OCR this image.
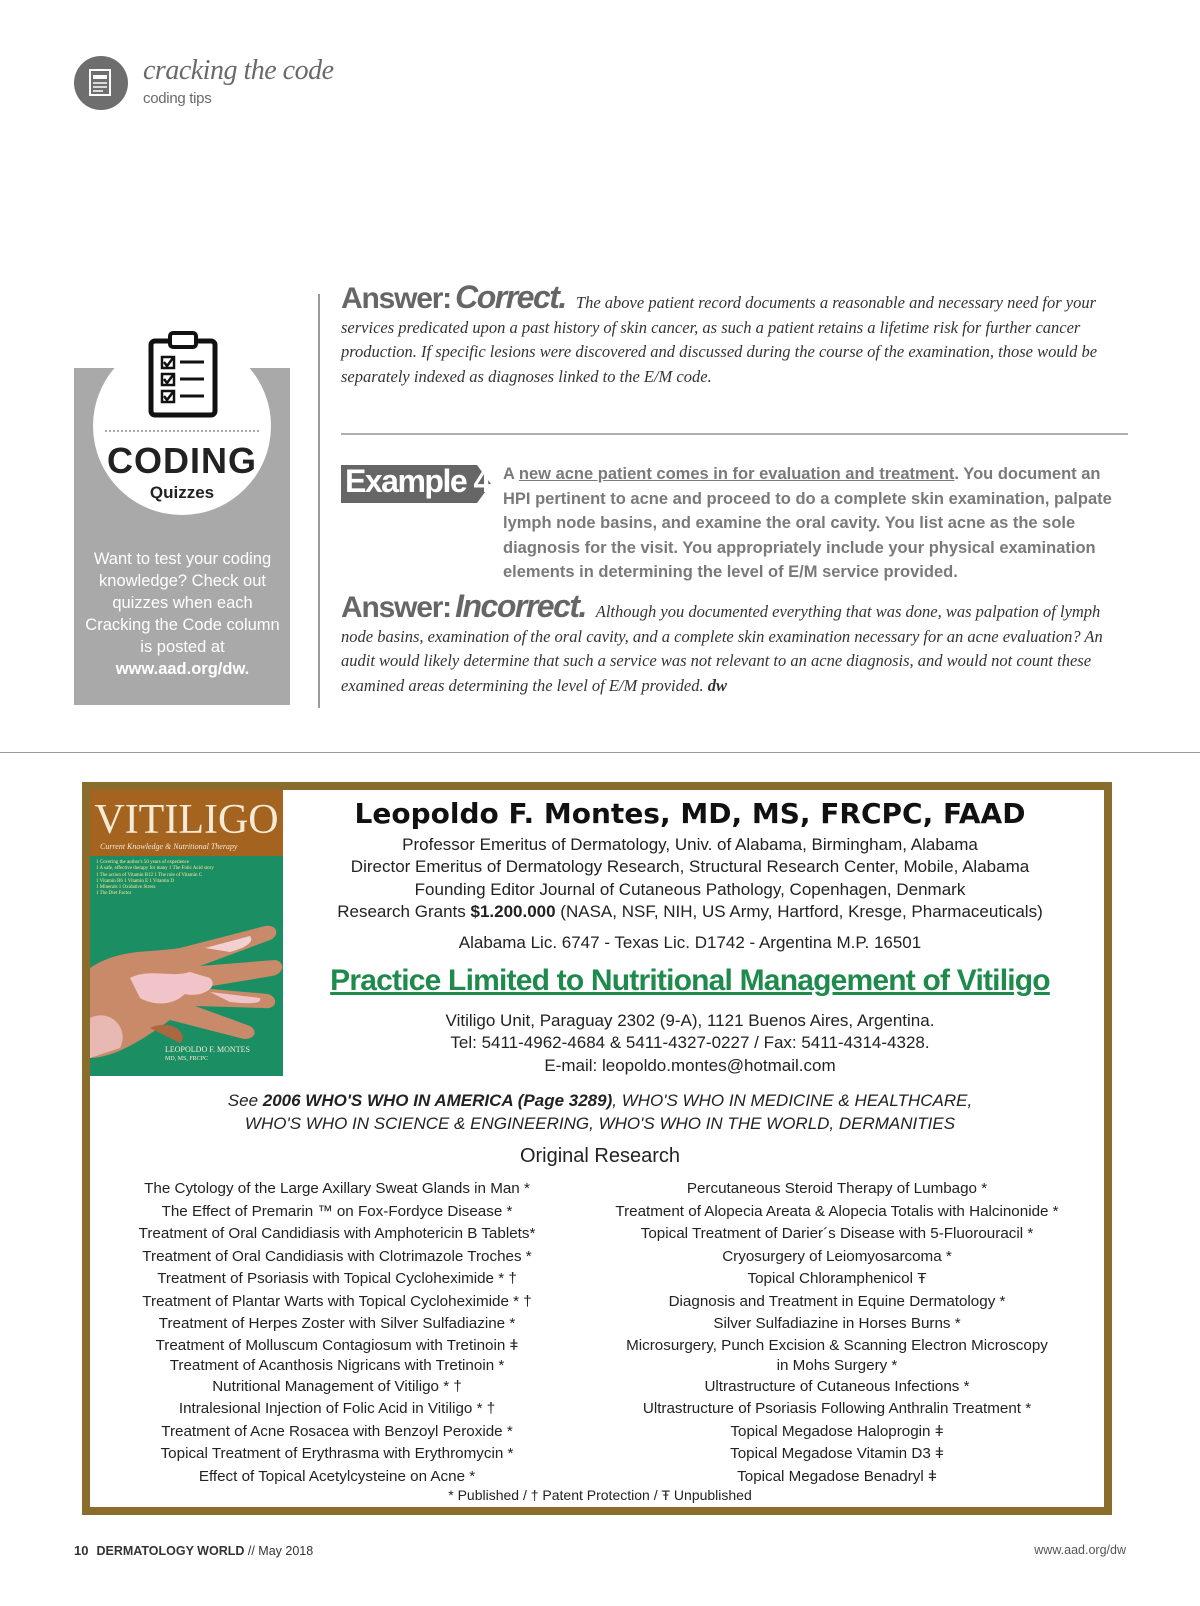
cracking the code
coding tips
CODING
Quizzes
Want to test your coding knowledge? Check out quizzes when each Cracking the Code column is posted at
www.aad.org/dw.
Answer: Correct. The above patient record documents a reasonable and necessary need for your services predicated upon a past history of skin cancer, as such a patient retains a lifetime risk for further cancer production. If specific lesions were discovered and discussed during the course of the examination, those would be separately indexed as diagnoses linked to the E/M code.
Example 4 A new acne patient comes in for evaluation and treatment. You document an HPI pertinent to acne and proceed to do a complete skin examination, palpate lymph node basins, and examine the oral cavity. You list acne as the sole diagnosis for the visit. You appropriately include your physical examination elements in determining the level of E/M service provided.
Answer: Incorrect. Although you documented everything that was done, was palpation of lymph node basins, examination of the oral cavity, and a complete skin examination necessary for an acne evaluation? An audit would likely determine that such a service was not relevant to an acne diagnosis, and would not count these examined areas determining the level of E/M provided. dw
VITILIGO
Current Knowledge & Nutritional Therapy
1 Covering the author's 50 years of experience
1 A safe, effective therapy for many 1 The Folic Acid story
1 The action of Vitamin B12 1 The role of Vitamin C
1 Vitamin B6 1 Vitamin E 1 Vitamin D
1 Minerals 1 Oxidative Stress
1 The Diet Factor
LEOPOLDO F. MONTES
MD, MS, FRCPC
Leopoldo F. Montes, MD, MS, FRCPC, FAAD
Professor Emeritus of Dermatology, Univ. of Alabama, Birmingham, Alabama
Director Emeritus of Dermatology Research, Structural Research Center, Mobile, Alabama
Founding Editor Journal of Cutaneous Pathology, Copenhagen, Denmark
Research Grants $1.200.000 (NASA, NSF, NIH, US Army, Hartford, Kresge, Pharmaceuticals)
Alabama Lic. 6747 - Texas Lic. D1742 - Argentina M.P. 16501
Practice Limited to Nutritional Management of Vitiligo
Vitiligo Unit, Paraguay 2302 (9-A), 1121 Buenos Aires, Argentina.
Tel: 5411-4962-4684 & 5411-4327-0227 / Fax: 5411-4314-4328.
E-mail: leopoldo.montes@hotmail.com
See 2006 WHO'S WHO IN AMERICA (Page 3289), WHO'S WHO IN MEDICINE & HEALTHCARE,
WHO'S WHO IN SCIENCE & ENGINEERING, WHO'S WHO IN THE WORLD, DERMANITIES
Original Research
The Cytology of the Large Axillary Sweat Glands in Man *
The Effect of Premarin ™ on Fox-Fordyce Disease *
Treatment of Oral Candidiasis with Amphotericin B Tablets*
Treatment of Oral Candidiasis with Clotrimazole Troches *
Treatment of Psoriasis with Topical Cycloheximide * †
Treatment of Plantar Warts with Topical Cycloheximide * †
Treatment of Herpes Zoster with Silver Sulfadiazine *
Treatment of Molluscum Contagiosum with Tretinoin ǂ
Treatment of Acanthosis Nigricans with Tretinoin *
Nutritional Management of Vitiligo * †
Intralesional Injection of Folic Acid in Vitiligo * †
Treatment of Acne Rosacea with Benzoyl Peroxide *
Topical Treatment of Erythrasma with Erythromycin *
Effect of Topical Acetylcysteine on Acne *
Percutaneous Steroid Therapy of Lumbago *
Treatment of Alopecia Areata & Alopecia Totalis with Halcinonide *
Topical Treatment of Darier´s Disease with 5-Fluorouracil *
Cryosurgery of Leiomyosarcoma *
Topical Chloramphenicol Ŧ
Diagnosis and Treatment in Equine Dermatology *
Silver Sulfadiazine in Horses Burns *
Microsurgery, Punch Excision & Scanning Electron Microscopy
in Mohs Surgery *
Ultrastructure of Cutaneous Infections *
Ultrastructure of Psoriasis Following Anthralin Treatment *
Topical Megadose Haloprogin ǂ
Topical Megadose Vitamin D3 ǂ
Topical Megadose Benadryl ǂ
* Published / † Patent Protection / Ŧ Unpublished
10 DERMATOLOGY WORLD // May 2018	www.aad.org/dw
